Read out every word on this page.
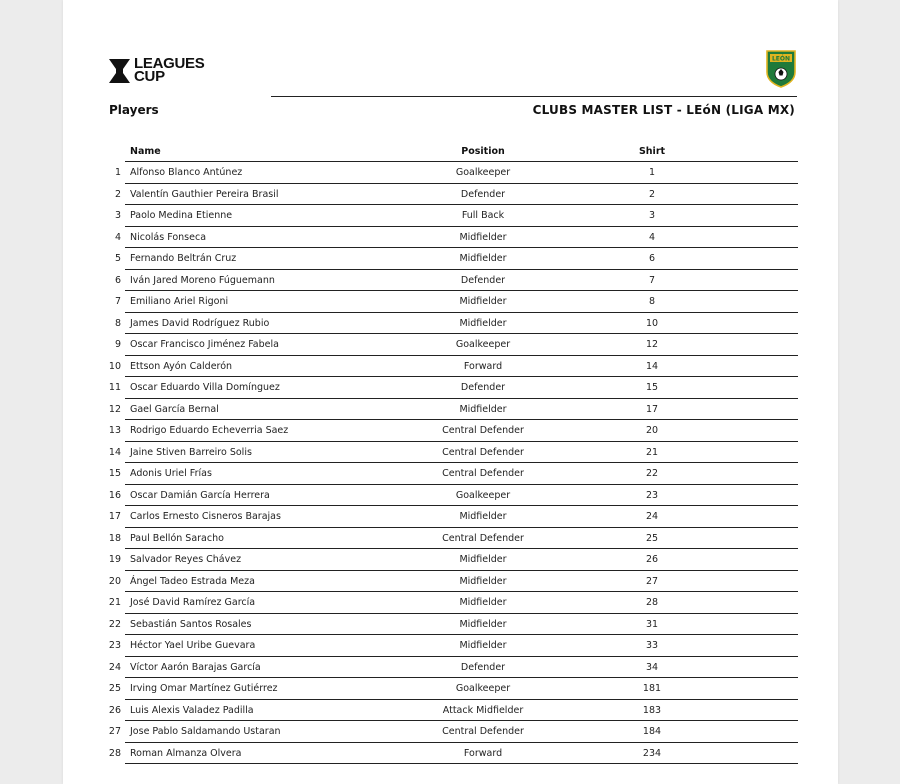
LEAGUES
CUP
LEÓN
Players	CLUBS MASTER LIST - LEóN (LIGA MX)
Name	Position	Shirt
1 Alfonso Blanco Antúnez	Goalkeeper	1
2 Valentín Gauthier Pereira Brasil	Defender	2
3 Paolo Medina Etienne	Full Back	3
4 Nicolás Fonseca	Midfielder	4
5 Fernando Beltrán Cruz	Midfielder	6
6 Iván Jared Moreno Fúguemann	Defender	7
7 Emiliano Ariel Rigoni	Midfielder	8
8 James David Rodríguez Rubio	Midfielder	10
9 Oscar Francisco Jiménez Fabela	Goalkeeper	12
10 Ettson Ayón Calderón	Forward	14
11 Oscar Eduardo Villa Domínguez	Defender	15
12 Gael García Bernal	Midfielder	17
13 Rodrigo Eduardo Echeverria Saez	Central Defender	20
14 Jaine Stiven Barreiro Solis	Central Defender	21
15 Adonis Uriel Frías	Central Defender	22
16 Oscar Damián García Herrera	Goalkeeper	23
17 Carlos Ernesto Cisneros Barajas	Midfielder	24
18 Paul Bellón Saracho	Central Defender	25
19 Salvador Reyes Chávez	Midfielder	26
20 Ángel Tadeo Estrada Meza	Midfielder	27
21 José David Ramírez García	Midfielder	28
22 Sebastián Santos Rosales	Midfielder	31
23 Héctor Yael Uribe Guevara	Midfielder	33
24 Víctor Aarón Barajas García	Defender	34
25 Irving Omar Martínez Gutiérrez	Goalkeeper	181
26 Luis Alexis Valadez Padilla	Attack Midfielder	183
27 Jose Pablo Saldamando Ustaran	Central Defender	184
28 Roman Almanza Olvera	Forward	234
